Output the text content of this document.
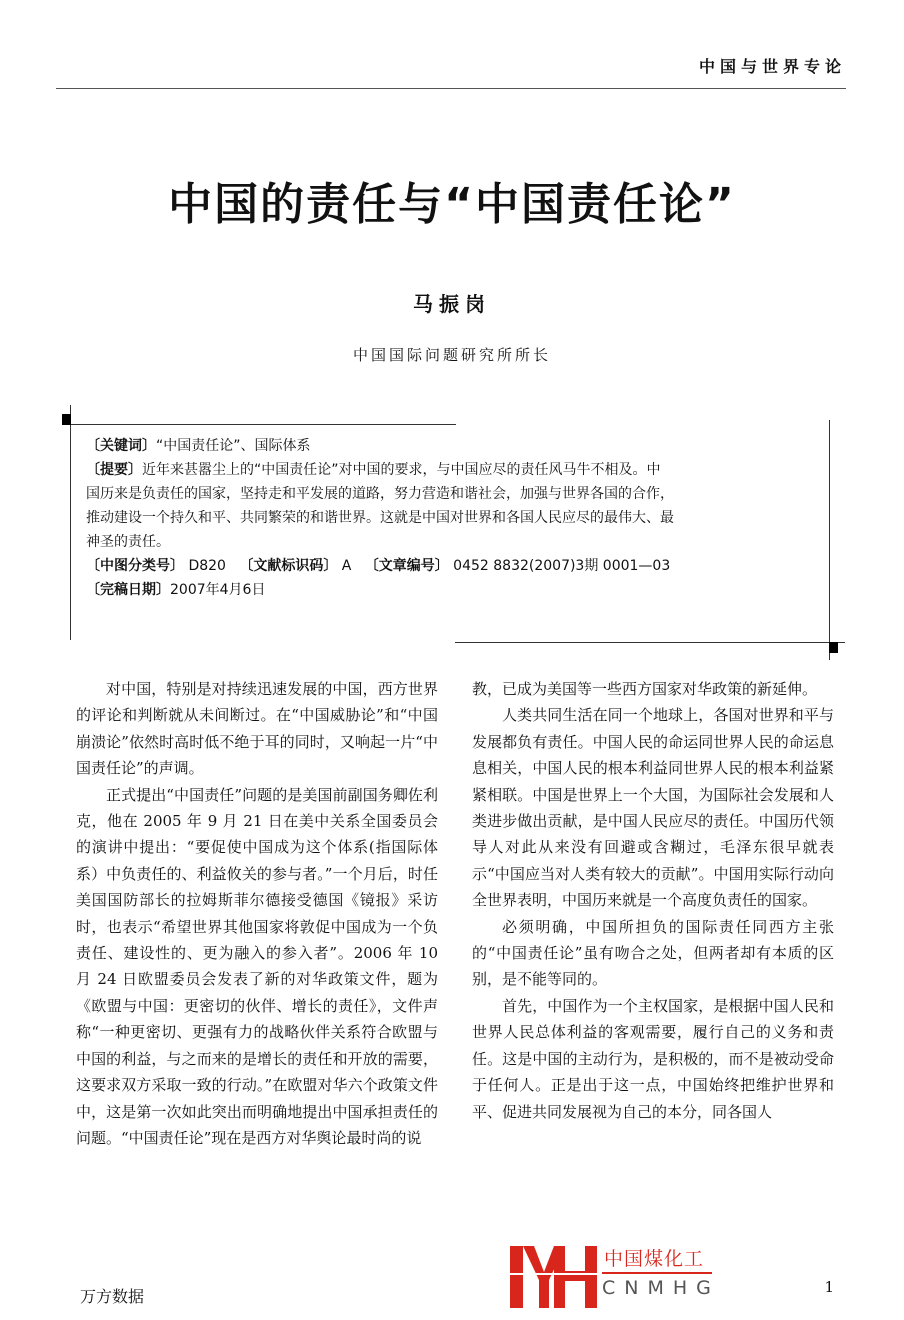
中国与世界专论
中国的责任与“中国责任论”
马振岗
中国国际问题研究所所长
〔关键词〕“中国责任论”、国际体系
〔提要〕近年来甚嚣尘上的“中国责任论”对中国的要求，与中国应尽的责任风马牛不相及。中
国历来是负责任的国家，坚持走和平发展的道路，努力营造和谐社会，加强与世界各国的合作，
推动建设一个持久和平、共同繁荣的和谐世界。这就是中国对世界和各国人民应尽的最伟大、最
神圣的责任。
〔中图分类号〕 D820 〔文献标识码〕 A 〔文章编号〕 0452 8832(2007)3期 0001—03
〔完稿日期〕2007年4月6日

对中国，特别是对持续迅速发展的中国，西方世界的评论和判断就从未间断过。在“中国威胁论”和“中国崩溃论”依然时高时低不绝于耳的同时，又响起一片“中国责任论”的声调。

正式提出“中国责任”问题的是美国前副国务卿佐利克，他在 2005 年 9 月 21 日在美中关系全国委员会的演讲中提出：“要促使中国成为这个体系(指国际体系）中负责任的、利益攸关的参与者。”一个月后，时任美国国防部长的拉姆斯菲尔德接受德国《镜报》采访时，也表示“希望世界其他国家将敦促中国成为一个负责任、建设性的、更为融入的参入者”。2006 年 10 月 24 日欧盟委员会发表了新的对华政策文件，题为《欧盟与中国：更密切的伙伴、增长的责任》，文件声称“一种更密切、更强有力的战略伙伴关系符合欧盟与中国的利益，与之而来的是增长的责任和开放的需要，这要求双方采取一致的行动。”在欧盟对华六个政策文件中，这是第一次如此突出而明确地提出中国承担责任的问题。“中国责任论”现在是西方对华舆论最时尚的说

教，已成为美国等一些西方国家对华政策的新延伸。

人类共同生活在同一个地球上，各国对世界和平与发展都负有责任。中国人民的命运同世界人民的命运息息相关，中国人民的根本利益同世界人民的根本利益紧紧相联。中国是世界上一个大国，为国际社会发展和人类进步做出贡献，是中国人民应尽的责任。中国历代领导人对此从来没有回避或含糊过，毛泽东很早就表示“中国应当对人类有较大的贡献”。中国用实际行动向全世界表明，中国历来就是一个高度负责任的国家。

必须明确，中国所担负的国际责任同西方主张的“中国责任论”虽有吻合之处，但两者却有本质的区别，是不能等同的。

首先，中国作为一个主权国家，是根据中国人民和世界人民总体利益的客观需要，履行自己的义务和责任。这是中国的主动行为，是积极的，而不是被动受命于任何人。正是出于这一点，中国始终把维护世界和平、促进共同发展视为自己的本分，同各国人

中国煤化工
CNMHG	1
万方数据
